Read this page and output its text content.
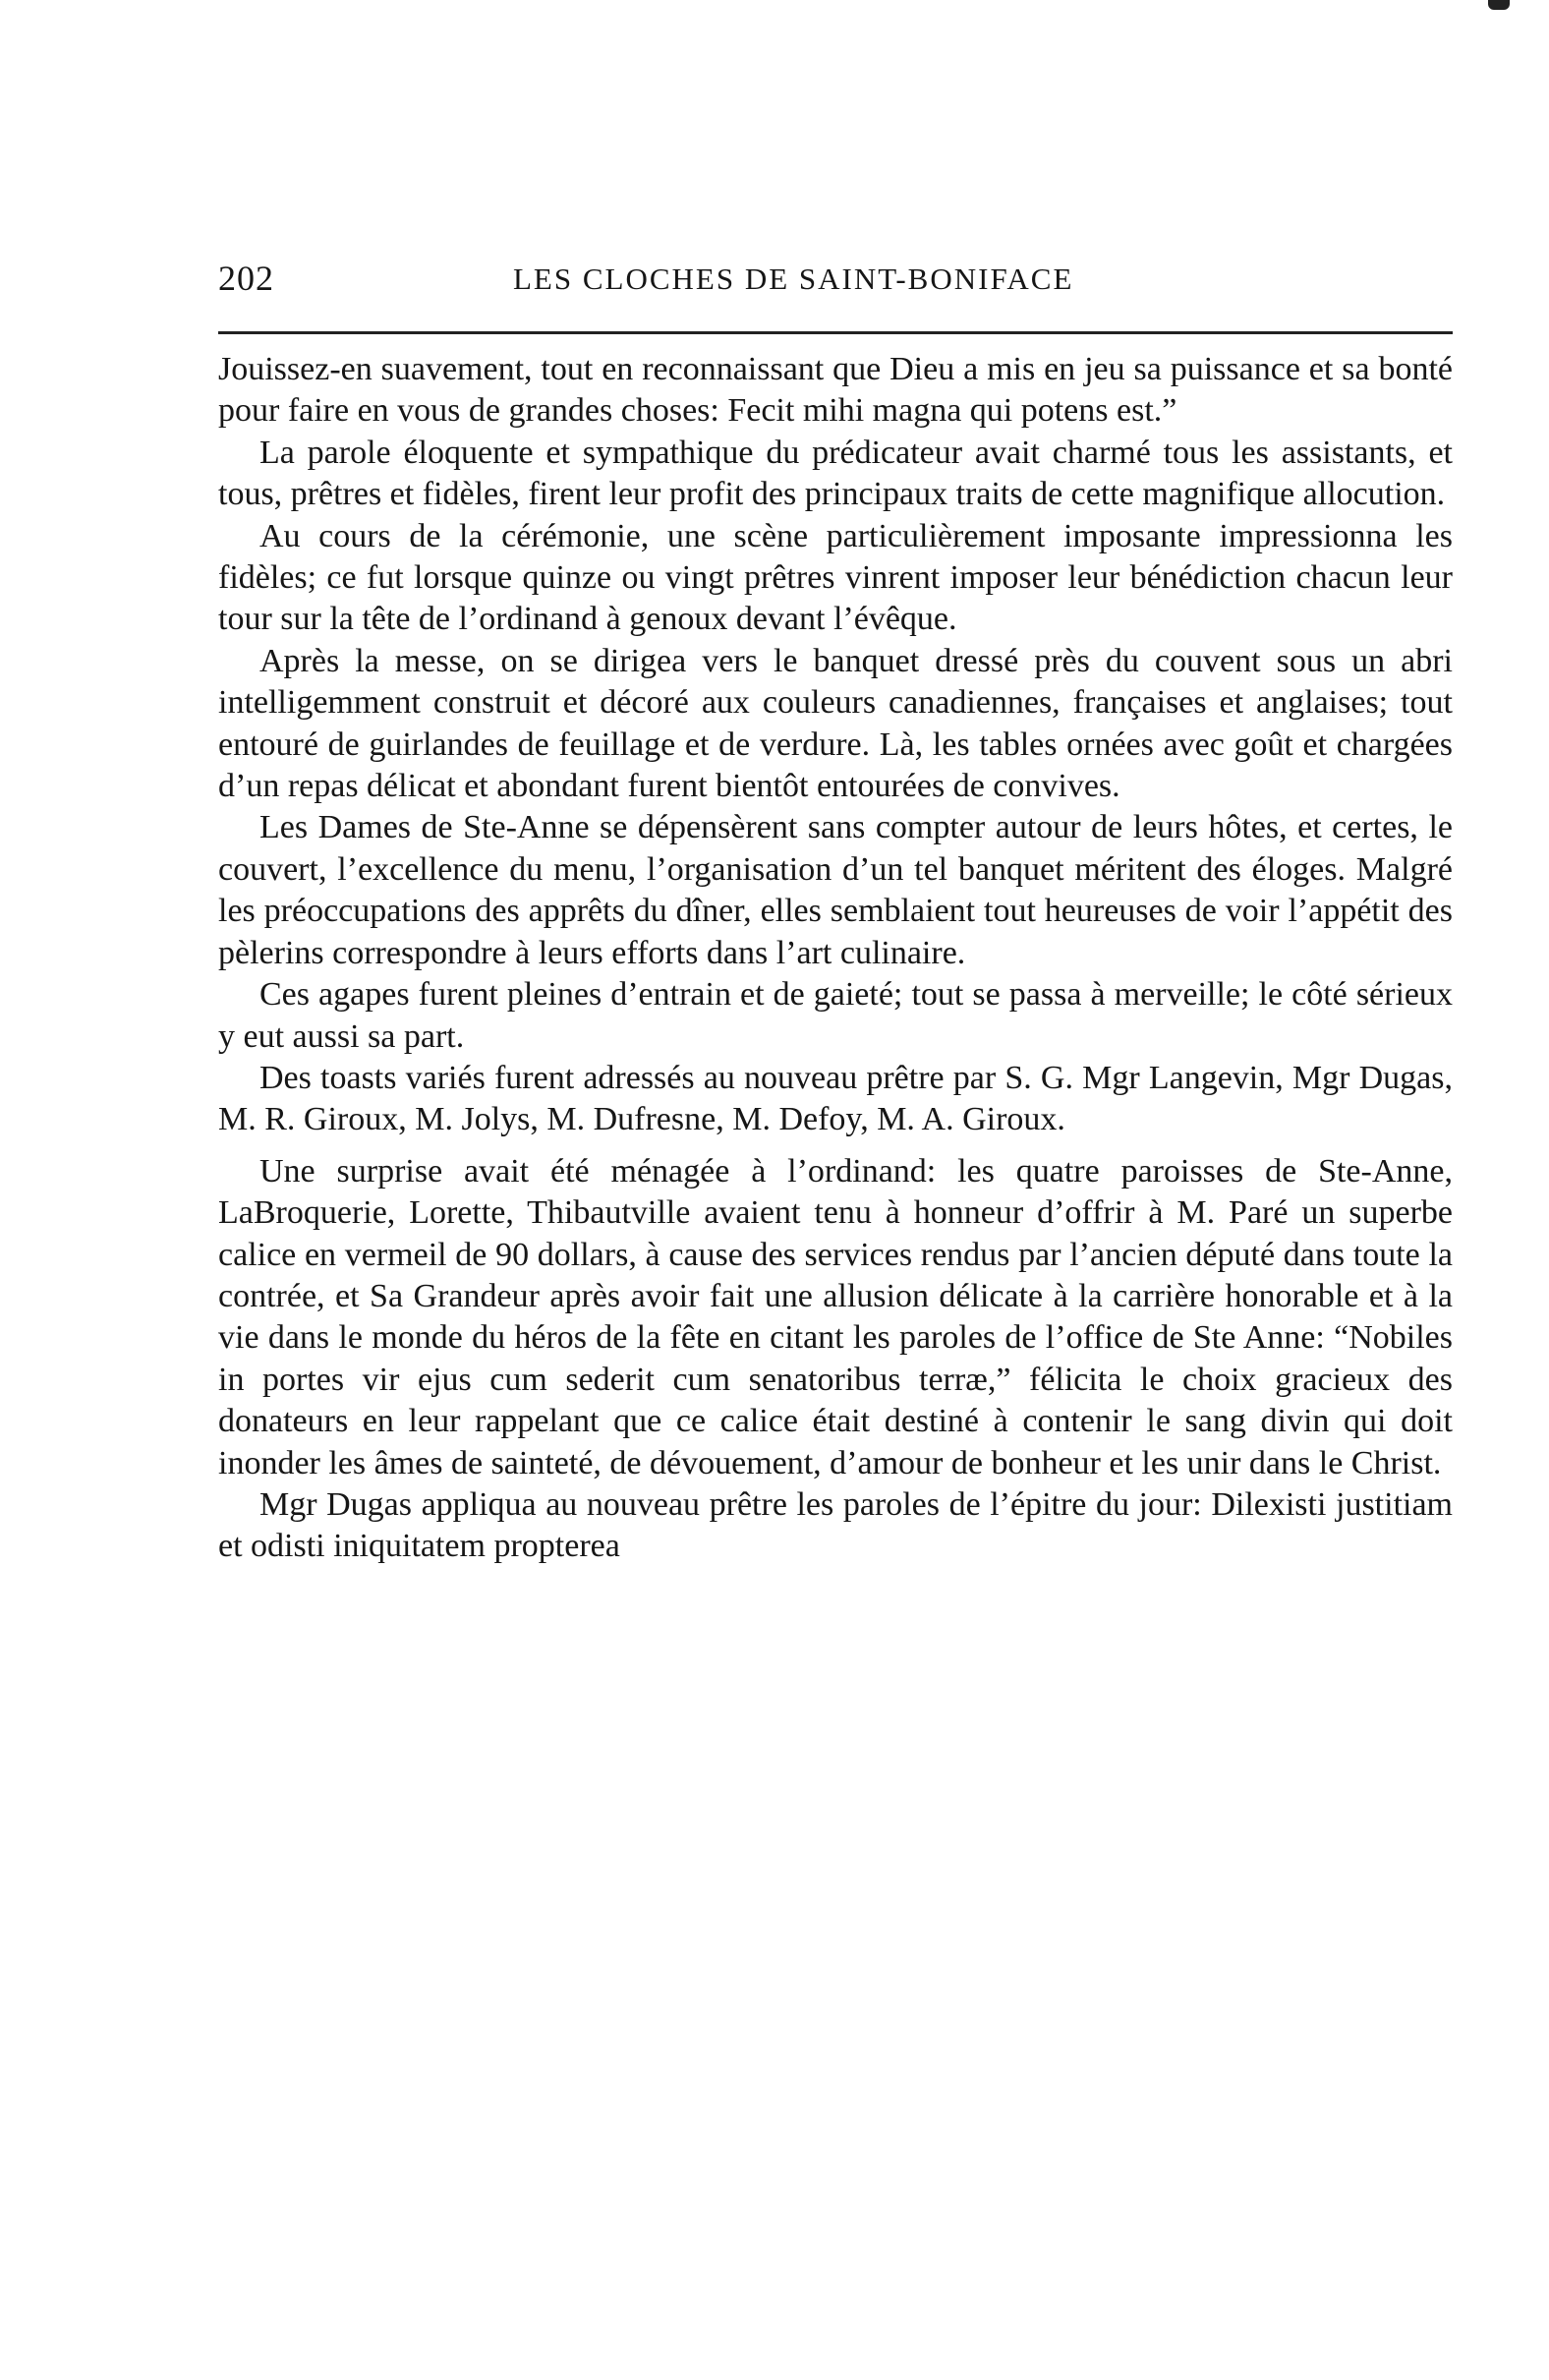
202	LES CLOCHES DE SAINT-BONIFACE

Jouissez-en suavement, tout en reconnaissant que Dieu a mis en jeu sa puissance et sa bonté pour faire en vous de grandes choses: Fecit mihi magna qui potens est.”

La parole éloquente et sympathique du prédicateur avait charmé tous les assistants, et tous, prêtres et fidèles, firent leur profit des principaux traits de cette magnifique allocution.

Au cours de la cérémonie, une scène particulièrement imposante impressionna les fidèles; ce fut lorsque quinze ou vingt prêtres vinrent imposer leur bénédiction chacun leur tour sur la tête de l’ordinand à genoux devant l’évêque.

Après la messe, on se dirigea vers le banquet dressé près du couvent sous un abri intelligemment construit et décoré aux couleurs canadiennes, françaises et anglaises; tout entouré de guirlandes de feuillage et de verdure. Là, les tables ornées avec goût et chargées d’un repas délicat et abondant furent bientôt entourées de convives.

Les Dames de Ste-Anne se dépensèrent sans compter autour de leurs hôtes, et certes, le couvert, l’excellence du menu, l’organisation d’un tel banquet méritent des éloges. Malgré les préoccupations des apprêts du dîner, elles semblaient tout heureuses de voir l’appétit des pèlerins correspondre à leurs efforts dans l’art culinaire.

Ces agapes furent pleines d’entrain et de gaieté; tout se passa à merveille; le côté sérieux y eut aussi sa part.

Des toasts variés furent adressés au nouveau prêtre par S. G. Mgr Langevin, Mgr Dugas, M. R. Giroux, M. Jolys, M. Dufresne, M. Defoy, M. A. Giroux.

Une surprise avait été ménagée à l’ordinand: les quatre paroisses de Ste-Anne, LaBroquerie, Lorette, Thibautville avaient tenu à honneur d’offrir à M. Paré un superbe calice en vermeil de 90 dollars, à cause des services rendus par l’ancien député dans toute la contrée, et Sa Grandeur après avoir fait une allusion délicate à la carrière honorable et à la vie dans le monde du héros de la fête en citant les paroles de l’office de Ste Anne: “Nobiles in portes vir ejus cum sederit cum senatoribus terræ,” félicita le choix gracieux des donateurs en leur rappelant que ce calice était destiné à contenir le sang divin qui doit inonder les âmes de sainteté, de dévouement, d’amour de bonheur et les unir dans le Christ.

Mgr Dugas appliqua au nouveau prêtre les paroles de l’épitre du jour: Dilexisti justitiam et odisti iniquitatem propterea
